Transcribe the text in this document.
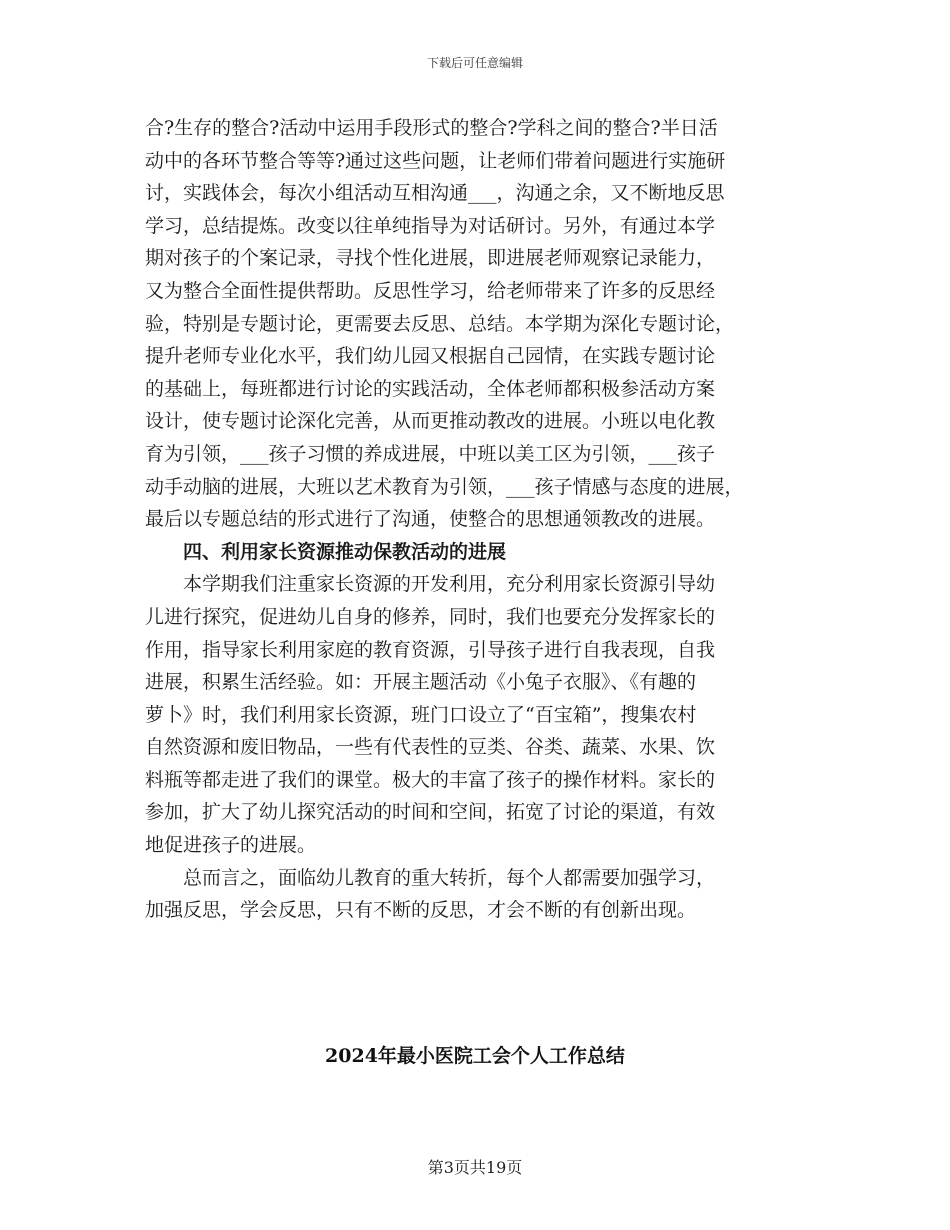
下载后可任意编辑
合?生存的整合?活动中运用手段形式的整合?学科之间的整合?半日活
动中的各环节整合等等?通过这些问题，让老师们带着问题进行实施研
讨，实践体会，每次小组活动互相沟通___，沟通之余，又不断地反思
学习，总结提炼。改变以往单纯指导为对话研讨。另外，有通过本学
期对孩子的个案记录，寻找个性化进展，即进展老师观察记录能力，
又为整合全面性提供帮助。反思性学习，给老师带来了许多的反思经
验，特别是专题讨论，更需要去反思、总结。本学期为深化专题讨论，
提升老师专业化水平，我们幼儿园又根据自己园情，在实践专题讨论
的基础上，每班都进行讨论的实践活动，全体老师都积极参活动方案
设计，使专题讨论深化完善，从而更推动教改的进展。小班以电化教
育为引领，___孩子习惯的养成进展，中班以美工区为引领，___孩子
动手动脑的进展，大班以艺术教育为引领，___孩子情感与态度的进展，
最后以专题总结的形式进行了沟通，使整合的思想通领教改的进展。
　　四、利用家长资源推动保教活动的进展
　　本学期我们注重家长资源的开发利用，充分利用家长资源引导幼
儿进行探究，促进幼儿自身的修养，同时，我们也要充分发挥家长的
作用，指导家长利用家庭的教育资源，引导孩子进行自我表现，自我
进展，积累生活经验。如：开展主题活动《小兔子衣服》、《有趣的
萝卜》时，我们利用家长资源，班门口设立了“百宝箱”，搜集农村
自然资源和废旧物品，一些有代表性的豆类、谷类、蔬菜、水果、饮
料瓶等都走进了我们的课堂。极大的丰富了孩子的操作材料。家长的
参加，扩大了幼儿探究活动的时间和空间，拓宽了讨论的渠道，有效
地促进孩子的进展。
　　总而言之，面临幼儿教育的重大转折，每个人都需要加强学习，
加强反思，学会反思，只有不断的反思，才会不断的有创新出现。
2024年最小医院工会个人工作总结
第3页共19页
